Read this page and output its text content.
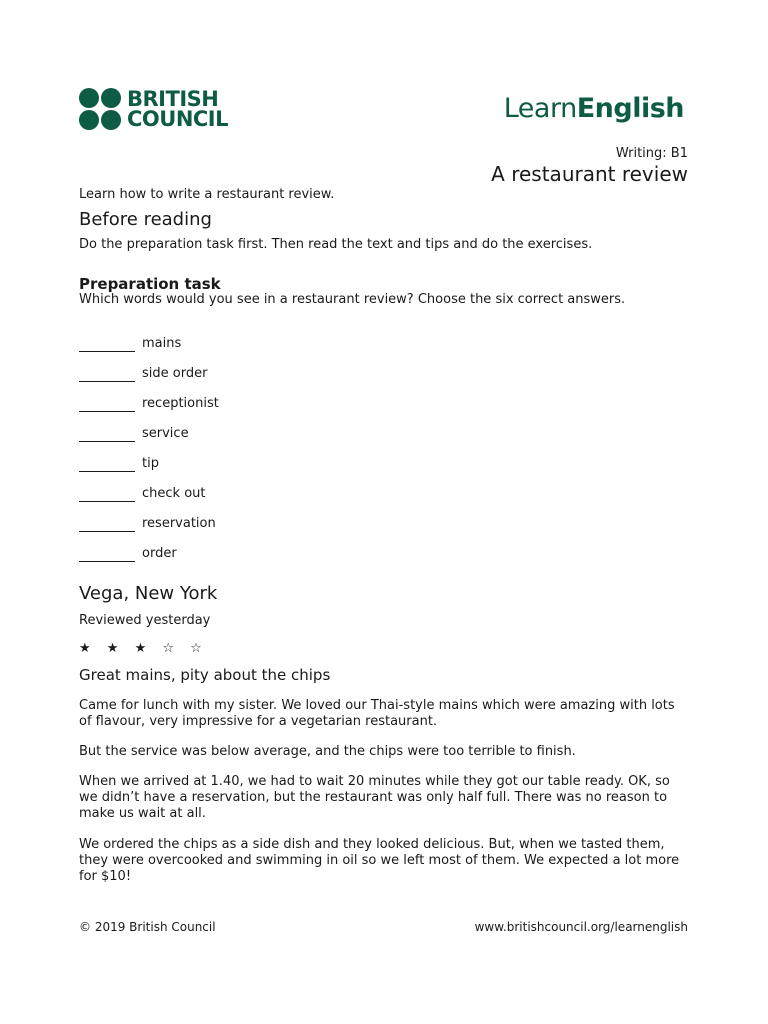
BRITISH
COUNCIL	LearnEnglish
Writing: B1
A restaurant review
Learn how to write a restaurant review.
Before reading
Do the preparation task first. Then read the text and tips and do the exercises.
Preparation task
Which words would you see in a restaurant review? Choose the six correct answers.
mains
side order
receptionist
service
tip
check out
reservation
order
Vega, New York
Reviewed yesterday
★ ★ ★ ☆ ☆
Great mains, pity about the chips
Came for lunch with my sister. We loved our Thai-style mains which were amazing with lots of flavour, very impressive for a vegetarian restaurant.
But the service was below average, and the chips were too terrible to finish.
When we arrived at 1.40, we had to wait 20 minutes while they got our table ready. OK, so we didn’t have a reservation, but the restaurant was only half full. There was no reason to make us wait at all.
We ordered the chips as a side dish and they looked delicious. But, when we tasted them, they were overcooked and swimming in oil so we left most of them. We expected a lot more for $10!
© 2019 British Council	www.britishcouncil.org/learnenglish
